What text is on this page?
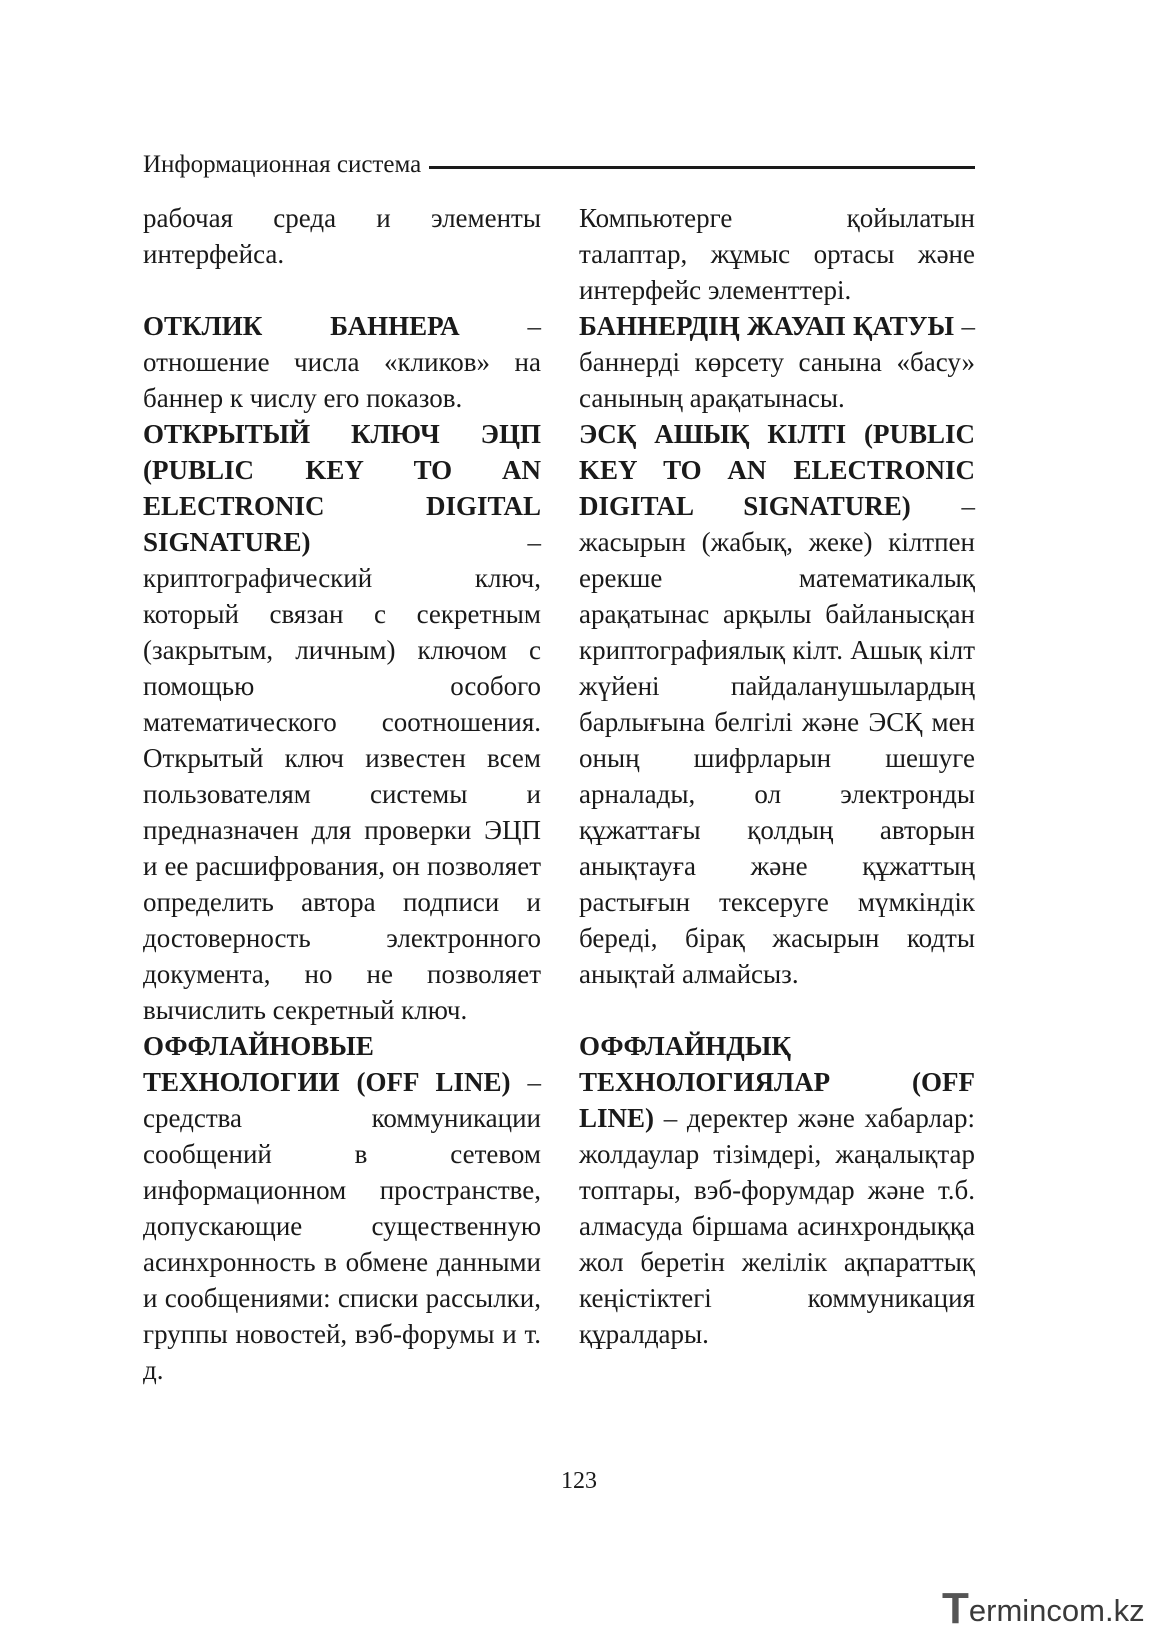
Информационная система

рабочая среда и элементы интерфейса.

ОТКЛИК БАННЕРА – отношение числа «кликов» на баннер к числу его показов.

ОТКРЫТЫЙ КЛЮЧ ЭЦП (PUBLIC KEY TO AN ELECTRONIC DIGITAL SIGNATURE) – криптографический ключ, который связан с секретным (закрытым, личным) ключом с помощью особого математического соотношения. Открытый ключ известен всем пользователям системы и предназначен для проверки ЭЦП и ее расшифрования, он позволяет определить автора подписи и достоверность электронного документа, но не позволяет вычислить секретный ключ.

ОФФЛАЙНОВЫЕ ТЕХНОЛОГИИ (OFF LINE) – средства коммуникации сообщений в сетевом информационном пространстве, допускающие существенную асинхронность в обмене данными и сообщениями: списки рассылки, группы новостей, вэб-форумы и т. д.

Компьютерге қойылатын талаптар, жұмыс ортасы және интерфейс элементтері.

БАННЕРДІҢ ЖАУАП ҚАТУЫ – баннерді көрсету санына «басу» санының арақатынасы.

ЭСҚ АШЫҚ КІЛТІ (PUBLIC KEY TO AN ELECTRONIC DIGITAL SIGNATURE) – жасырын (жабық, жеке) кілтпен ерекше математикалық арақатынас арқылы байланысқан криптографиялық кілт. Ашық кілт жүйені пайдаланушылардың барлығына белгілі және ЭСҚ мен оның шифрларын шешуге арналады, ол электронды құжаттағы қолдың авторын анықтауға және құжаттың растығын тексеруге мүмкіндік береді, бірақ жасырын кодты анықтай алмайсыз.

ОФФЛАЙНДЫҚ ТЕХНОЛОГИЯЛАР (OFF LINE) – деректер және хабарлар: жолдаулар тізімдері, жаңалықтар топтары, вэб-форумдар және т.б. алмасуда біршама асинхрондыққа жол беретін желілік ақпараттық кеңістіктегі коммуникация құралдары.

123
T ermincom.kz
